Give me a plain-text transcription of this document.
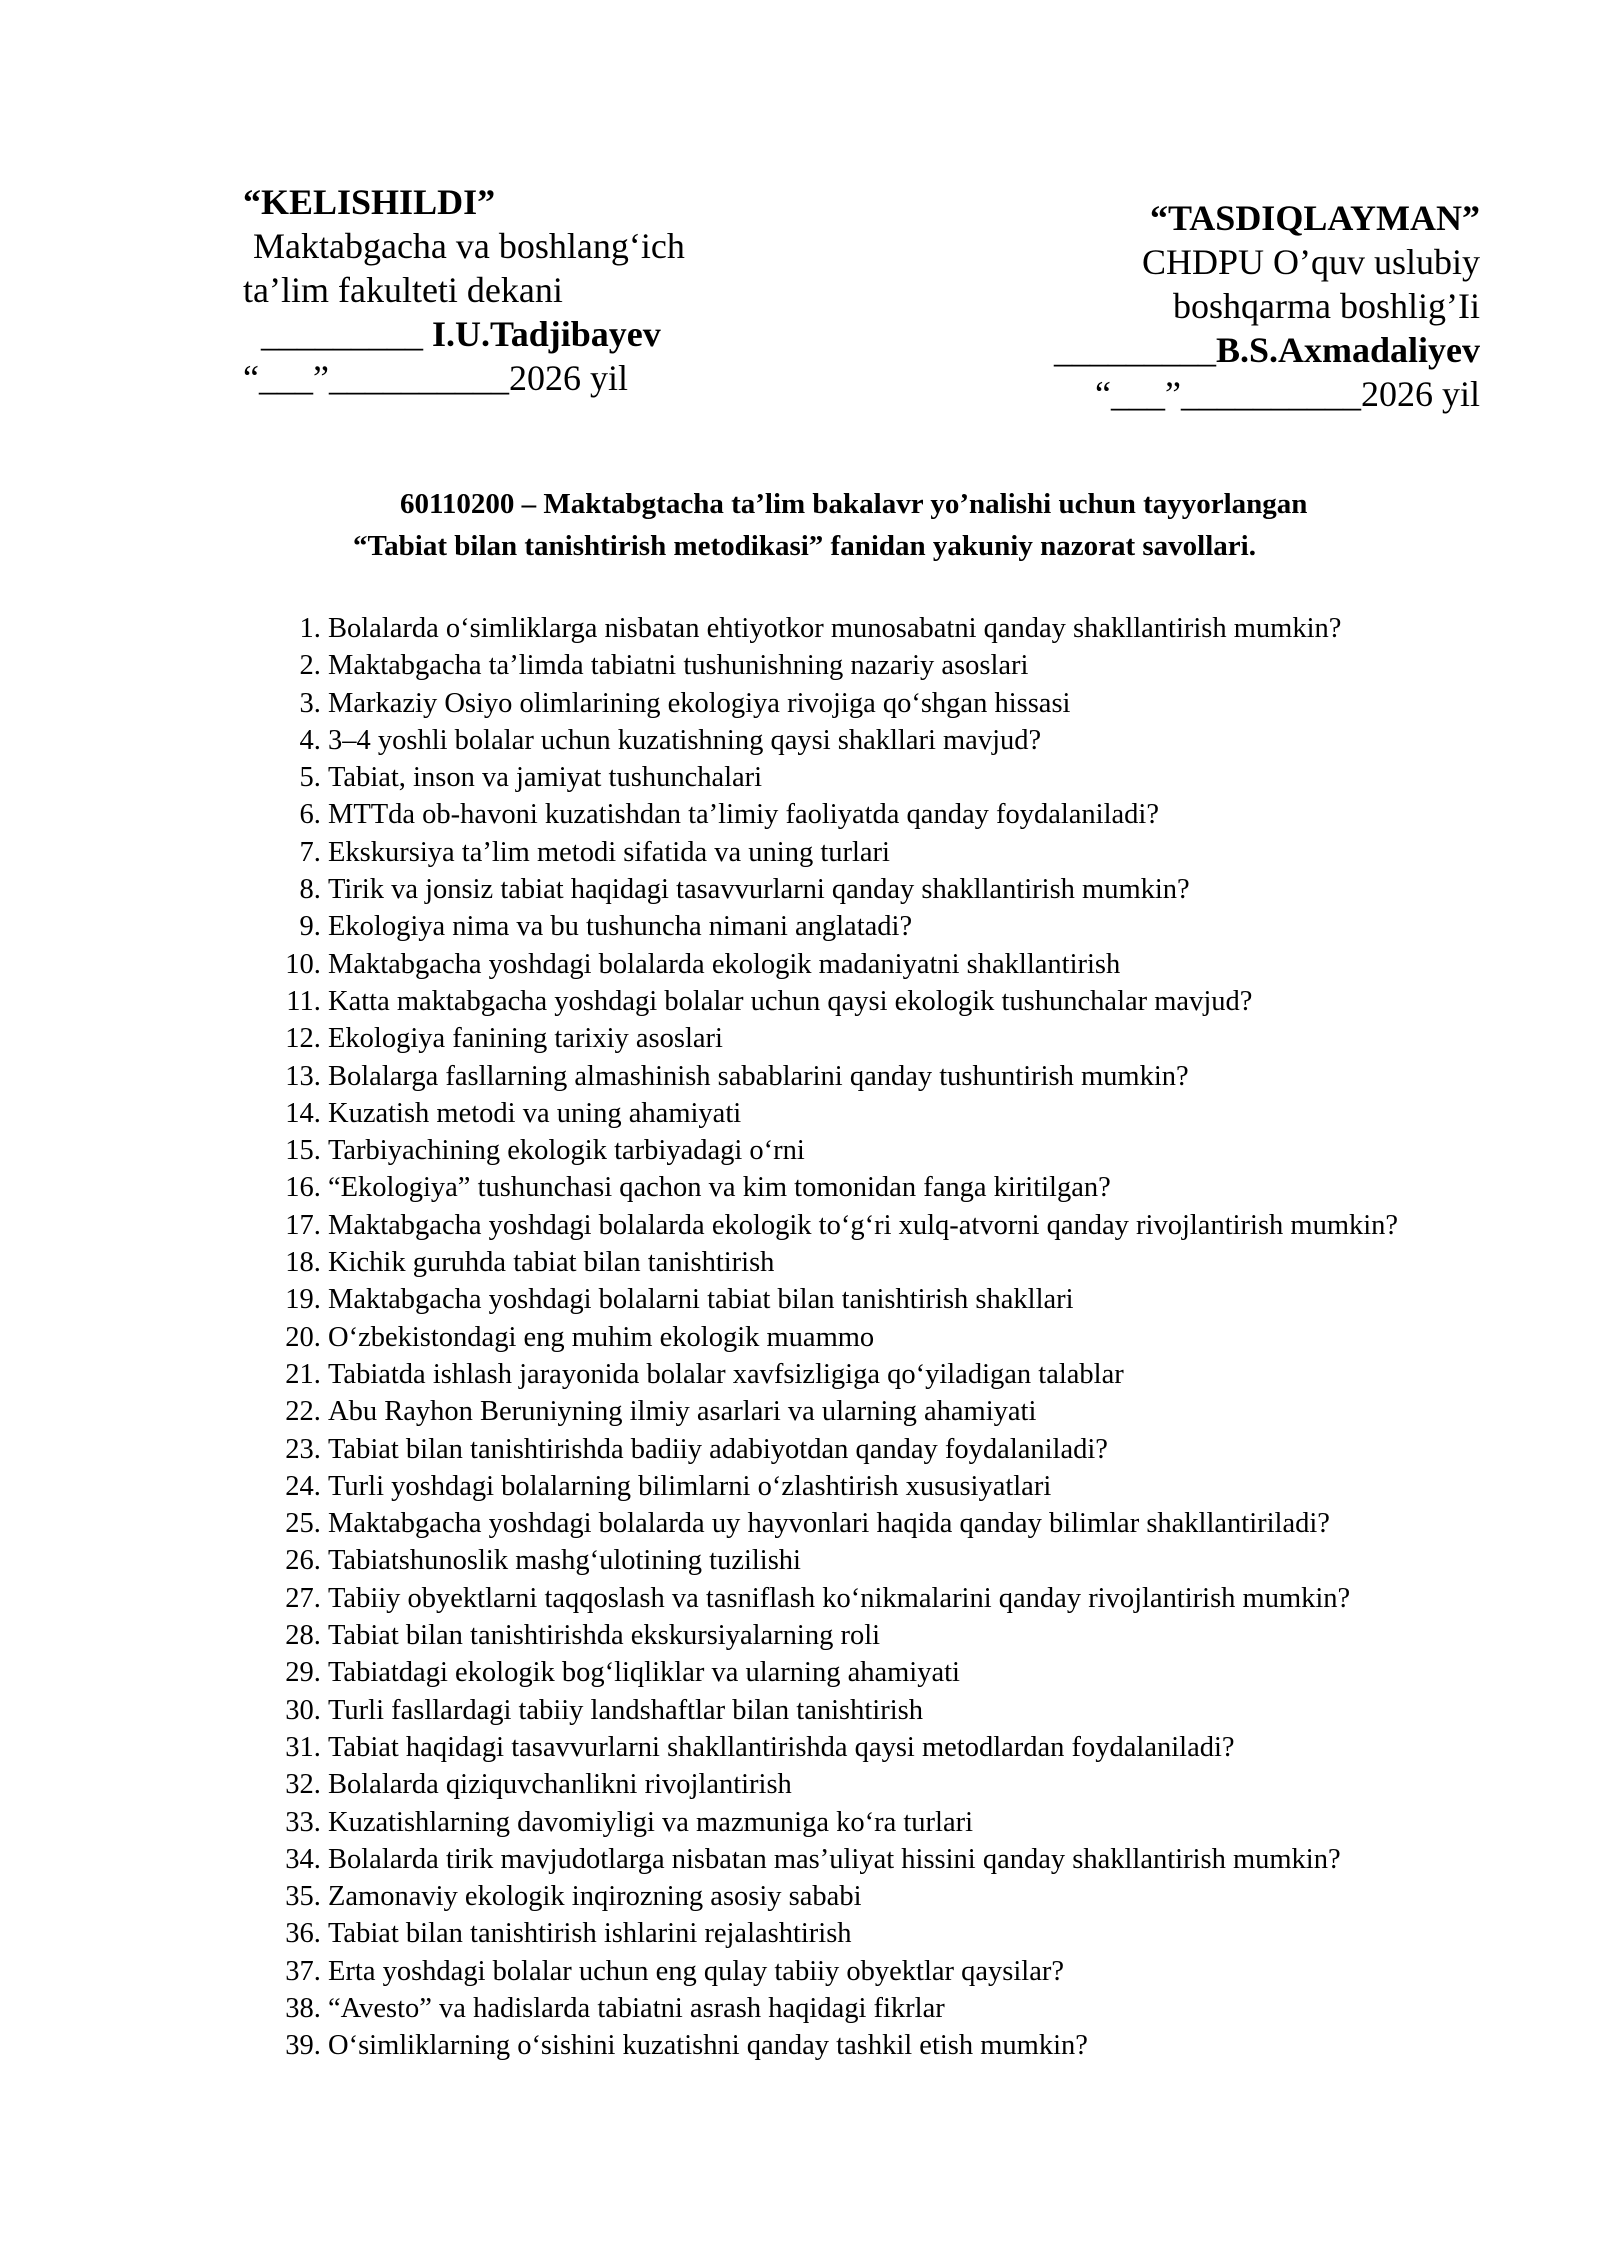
“KELISHILDI”
Maktabgacha va boshlang‘ich
ta’lim fakulteti dekani
_________ I.U.Tadjibayev
“___”__________2026 yil
“TASDIQLAYMAN”
CHDPU O’quv uslubiy
boshqarma boshlig’Ii
_________B.S.Axmadaliyev
“___”__________2026 yil
60110200 – Maktabgtacha ta’lim bakalavr yo’nalishi uchun tayyorlangan
“Tabiat bilan tanishtirish metodikasi” fanidan yakuniy nazorat savollari.
1. Bolalarda o‘simliklarga nisbatan ehtiyotkor munosabatni qanday shakllantirish mumkin?
2. Maktabgacha ta’limda tabiatni tushunishning nazariy asoslari
3. Markaziy Osiyo olimlarining ekologiya rivojiga qo‘shgan hissasi
4. 3–4 yoshli bolalar uchun kuzatishning qaysi shakllari mavjud?
5. Tabiat, inson va jamiyat tushunchalari
6. MTTda ob-havoni kuzatishdan ta’limiy faoliyatda qanday foydalaniladi?
7. Ekskursiya ta’lim metodi sifatida va uning turlari
8. Tirik va jonsiz tabiat haqidagi tasavvurlarni qanday shakllantirish mumkin?
9. Ekologiya nima va bu tushuncha nimani anglatadi?
10. Maktabgacha yoshdagi bolalarda ekologik madaniyatni shakllantirish
11. Katta maktabgacha yoshdagi bolalar uchun qaysi ekologik tushunchalar mavjud?
12. Ekologiya fanining tarixiy asoslari
13. Bolalarga fasllarning almashinish sabablarini qanday tushuntirish mumkin?
14. Kuzatish metodi va uning ahamiyati
15. Tarbiyachining ekologik tarbiyadagi o‘rni
16. “Ekologiya” tushunchasi qachon va kim tomonidan fanga kiritilgan?
17. Maktabgacha yoshdagi bolalarda ekologik to‘g‘ri xulq-atvorni qanday rivojlantirish mumkin?
18. Kichik guruhda tabiat bilan tanishtirish
19. Maktabgacha yoshdagi bolalarni tabiat bilan tanishtirish shakllari
20. O‘zbekistondagi eng muhim ekologik muammo
21. Tabiatda ishlash jarayonida bolalar xavfsizligiga qo‘yiladigan talablar
22. Abu Rayhon Beruniyning ilmiy asarlari va ularning ahamiyati
23. Tabiat bilan tanishtirishda badiiy adabiyotdan qanday foydalaniladi?
24. Turli yoshdagi bolalarning bilimlarni o‘zlashtirish xususiyatlari
25. Maktabgacha yoshdagi bolalarda uy hayvonlari haqida qanday bilimlar shakllantiriladi?
26. Tabiatshunoslik mashg‘ulotining tuzilishi
27. Tabiiy obyektlarni taqqoslash va tasniflash ko‘nikmalarini qanday rivojlantirish mumkin?
28. Tabiat bilan tanishtirishda ekskursiyalarning roli
29. Tabiatdagi ekologik bog‘liqliklar va ularning ahamiyati
30. Turli fasllardagi tabiiy landshaftlar bilan tanishtirish
31. Tabiat haqidagi tasavvurlarni shakllantirishda qaysi metodlardan foydalaniladi?
32. Bolalarda qiziquvchanlikni rivojlantirish
33. Kuzatishlarning davomiyligi va mazmuniga ko‘ra turlari
34. Bolalarda tirik mavjudotlarga nisbatan mas’uliyat hissini qanday shakllantirish mumkin?
35. Zamonaviy ekologik inqirozning asosiy sababi
36. Tabiat bilan tanishtirish ishlarini rejalashtirish
37. Erta yoshdagi bolalar uchun eng qulay tabiiy obyektlar qaysilar?
38. “Avesto” va hadislarda tabiatni asrash haqidagi fikrlar
39. O‘simliklarning o‘sishini kuzatishni qanday tashkil etish mumkin?
